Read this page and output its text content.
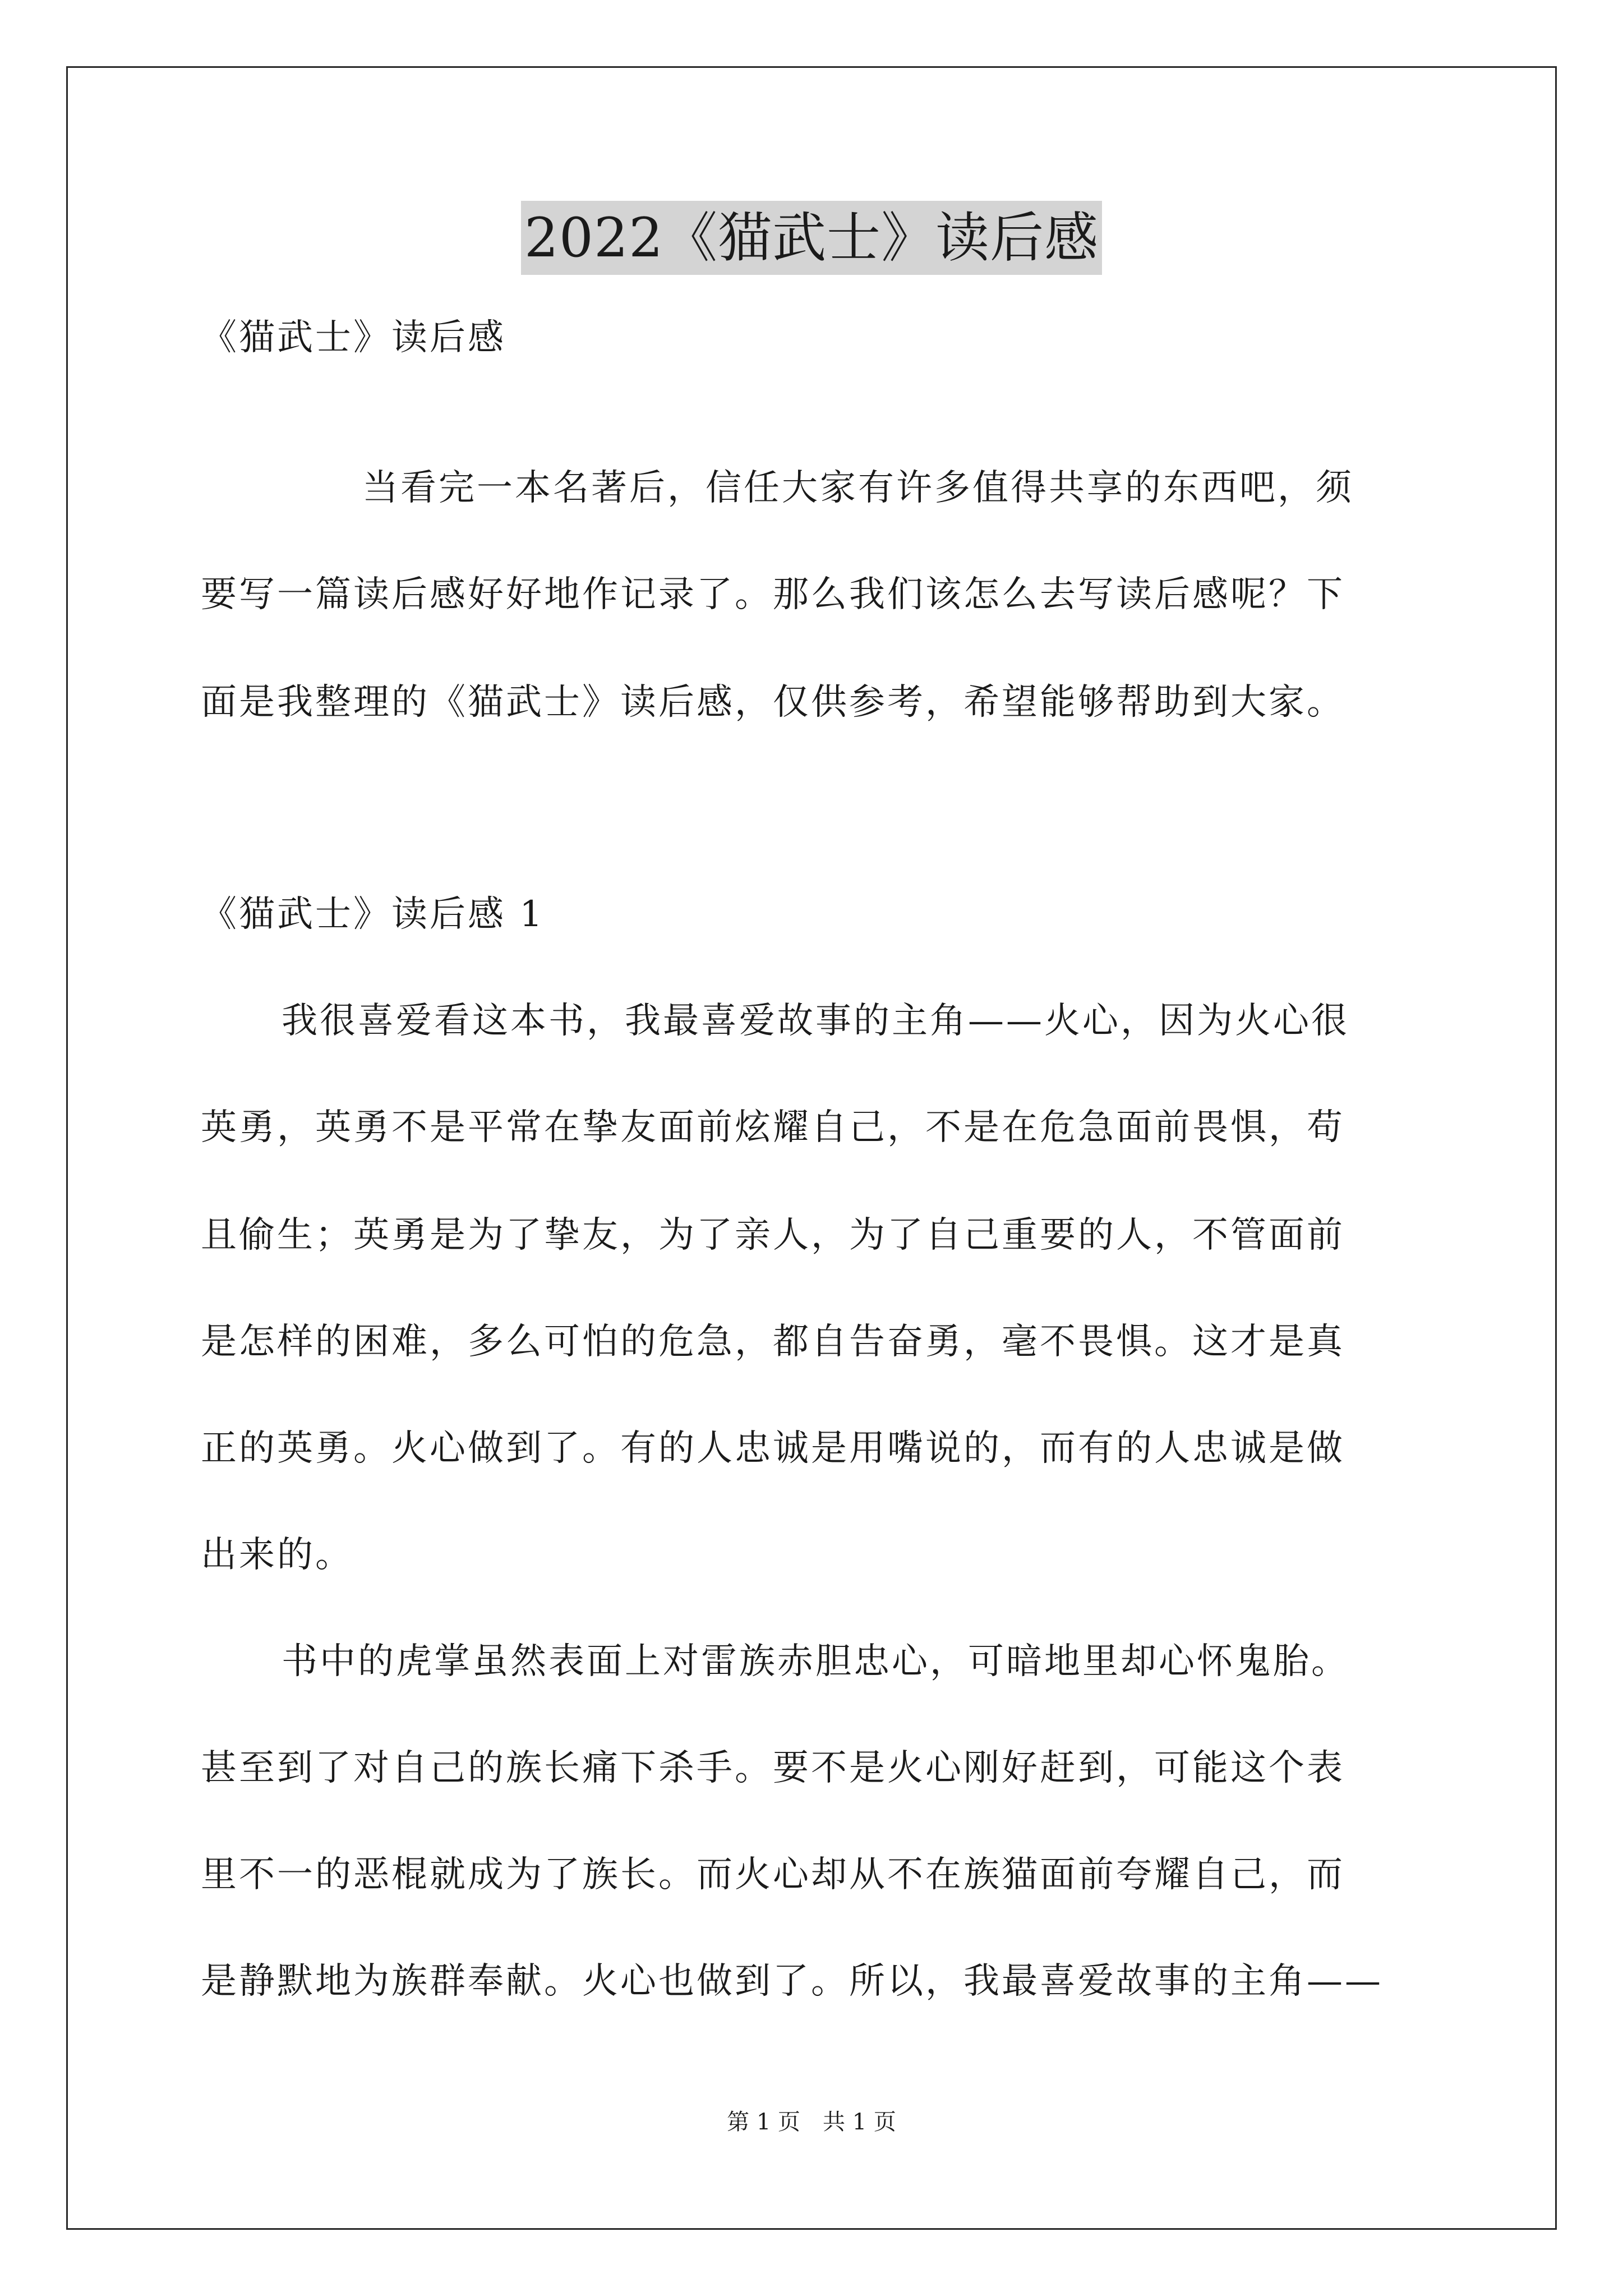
2022《猫武士》读后感
《猫武士》读后感
当看完一本名著后，信任大家有许多值得共享的东西吧，须
要写一篇读后感好好地作记录了。那么我们该怎么去写读后感呢？下
面是我整理的《猫武士》读后感，仅供参考，希望能够帮助到大家。
《猫武士》读后感 1
我很喜爱看这本书，我最喜爱故事的主角——火心，因为火心很
英勇，英勇不是平常在挚友面前炫耀自己，不是在危急面前畏惧，苟
且偷生；英勇是为了挚友，为了亲人，为了自己重要的人，不管面前
是怎样的困难，多么可怕的危急，都自告奋勇，毫不畏惧。这才是真
正的英勇。火心做到了。有的人忠诚是用嘴说的，而有的人忠诚是做
出来的。
书中的虎掌虽然表面上对雷族赤胆忠心，可暗地里却心怀鬼胎。
甚至到了对自己的族长痛下杀手。要不是火心刚好赶到，可能这个表
里不一的恶棍就成为了族长。而火心却从不在族猫面前夸耀自己，而
是静默地为族群奉献。火心也做到了。所以，我最喜爱故事的主角——
第 1 页　共 1 页
